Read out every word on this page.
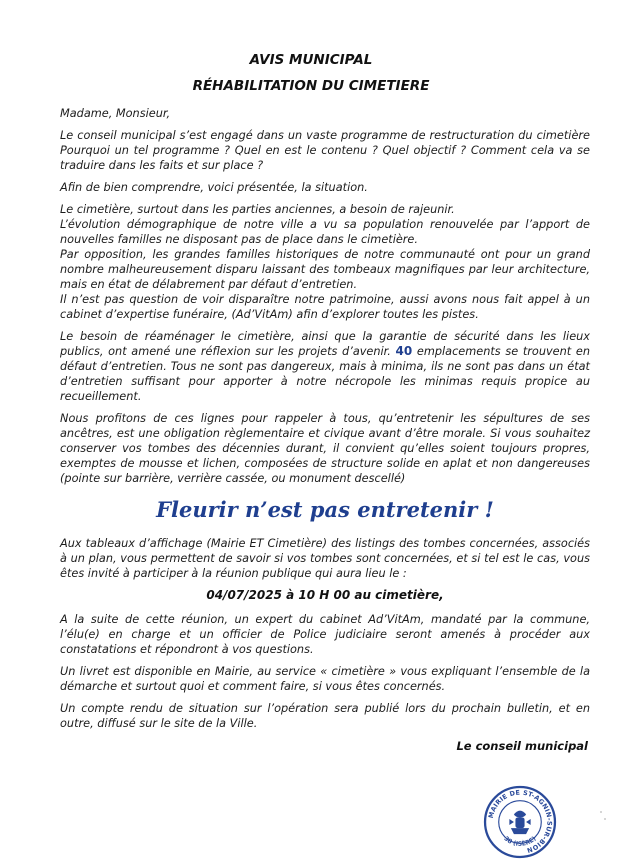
AVIS MUNICIPAL
RÉHABILITATION DU CIMETIERE

Madame, Monsieur,

Le conseil municipal s’est engagé dans un vaste programme de restructuration du cimetière Pourquoi un tel programme ? Quel en est le contenu ? Quel objectif ? Comment cela va se traduire dans les faits et sur place ?

Afin de bien comprendre, voici présentée, la situation.

Le cimetière, surtout dans les parties anciennes, a besoin de rajeunir.

L’évolution démographique de notre ville a vu sa population renouvelée par l’apport de nouvelles familles ne disposant pas de place dans le cimetière.

Par opposition, les grandes familles historiques de notre communauté ont pour un grand nombre malheureusement disparu laissant des tombeaux magnifiques par leur architecture, mais en état de délabrement par défaut d’entretien.

Il n’est pas question de voir disparaître notre patrimoine, aussi avons nous fait appel à un cabinet d’expertise funéraire, (Ad’VitAm) afin d’explorer toutes les pistes.

Le besoin de réaménager le cimetière, ainsi que la garantie de sécurité dans les lieux publics, ont amené une réflexion sur les projets d’avenir. 40 emplacements se trouvent en défaut d’entretien. Tous ne sont pas dangereux, mais à minima, ils ne sont pas dans un état d’entretien suffisant pour apporter à notre nécropole les minimas requis propice au recueillement.

Nous profitons de ces lignes pour rappeler à tous, qu’entretenir les sépultures de ses ancêtres, est une obligation règlementaire et civique avant d’être morale. Si vous souhaitez conserver vos tombes des décennies durant, il convient qu’elles soient toujours propres, exemptes de mousse et lichen, composées de structure solide en aplat et non dangereuses (pointe sur barrière, verrière cassée, ou monument descellé)

Fleurir n’est pas entretenir !

Aux tableaux d’affichage (Mairie ET Cimetière) des listings des tombes concernées, associés à un plan, vous permettent de savoir si vos tombes sont concernées, et si tel est le cas, vous êtes invité à participer à la réunion publique qui aura lieu le :

04/07/2025 à 10 H 00 au cimetière,

A la suite de cette réunion, un expert du cabinet Ad’VitAm, mandaté par la commune, l’élu(e) en charge et un officier de Police judiciaire seront amenés à procéder aux constatations et répondront à vos questions.

Un livret est disponible en Mairie, au service « cimetière » vous expliquant l’ensemble de la démarche et surtout quoi et comment faire, si vous êtes concernés.

Un compte rendu de situation sur l’opération sera publié lors du prochain bulletin, et en outre, diffusé sur le site de la Ville.

Le conseil municipal
MAIRIE DE ST-AGNIN-SUR-BION
38 (ISÈRE)
